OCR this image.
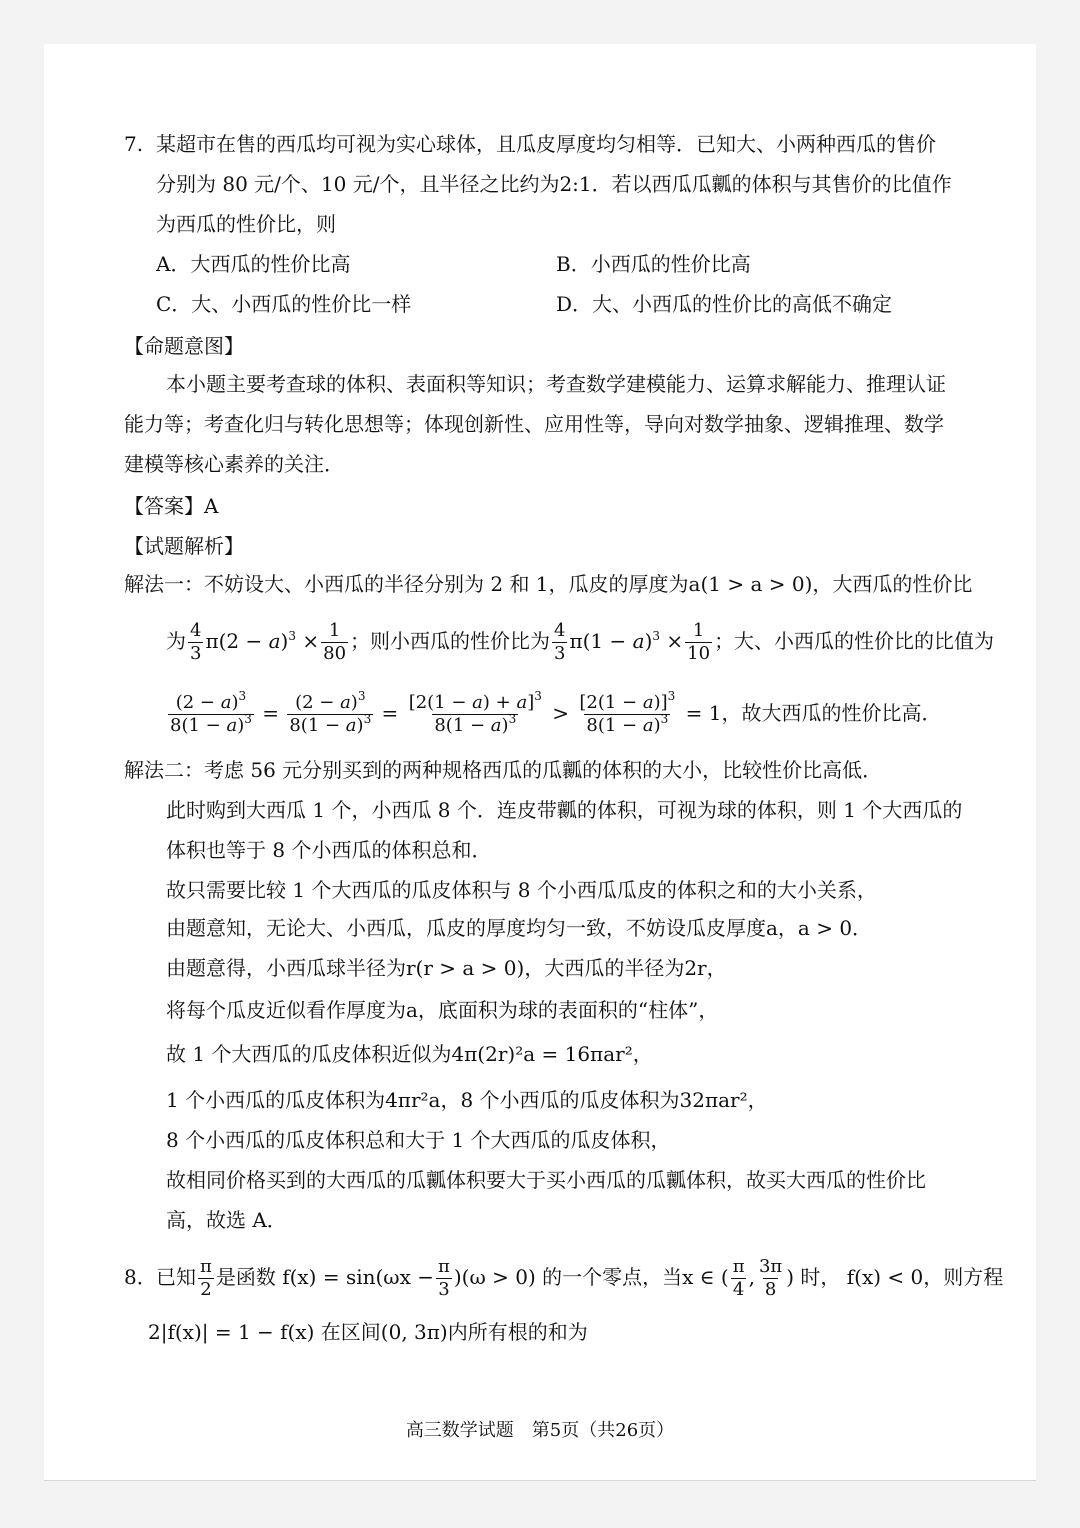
7. 某超市在售的西瓜均可视为实心球体，且瓜皮厚度均匀相等．已知大、小两种西瓜的售价
分别为 80 元/个、10 元/个，且半径之比约为2:1．若以西瓜瓜瓤的体积与其售价的比值作
为西瓜的性价比，则
A．大西瓜的性价比高	B．小西瓜的性价比高
C．大、小西瓜的性价比一样	D．大、小西瓜的性价比的高低不确定
【命题意图】
本小题主要考查球的体积、表面积等知识；考查数学建模能力、运算求解能力、推理认证
能力等；考查化归与转化思想等；体现创新性、应用性等，导向对数学抽象、逻辑推理、数学
建模等核心素养的关注．
【答案】A
【试题解析】
解法一：不妨设大、小西瓜的半径分别为 2 和 1，瓜皮的厚度为a(1 > a > 0)，大西瓜的性价比
为 $\frac{4}{3} \pi(2 - a)^3 \times \frac{1}{80}$ ；则小西瓜的性价比为 $\frac{4}{3} \pi(1 - a)^3 \times \frac{1}{10}$ ；大、小西瓜的性价比的比值为
$\frac{(2 - a)^3}{8(1 - a)^3} = \frac{(2 - a)^3}{8(1 - a)^3} = \frac{[2(1 - a) + a]^3}{8(1 - a)^3} > \frac{[2(1 - a)]^3}{8(1 - a)^3} = 1$，故大西瓜的性价比高．
解法二：考虑 56 元分别买到的两种规格西瓜的瓜瓤的体积的大小，比较性价比高低．
此时购到大西瓜 1 个，小西瓜 8 个．连皮带瓤的体积，可视为球的体积，则 1 个大西瓜的
体积也等于 8 个小西瓜的体积总和．
故只需要比较 1 个大西瓜的瓜皮体积与 8 个小西瓜瓜皮的体积之和的大小关系，
由题意知，无论大、小西瓜，瓜皮的厚度均匀一致，不妨设瓜皮厚度a，a > 0．
由题意得，小西瓜球半径为r(r > a > 0)，大西瓜的半径为2r，
将每个瓜皮近似看作厚度为a，底面积为球的表面积的“柱体”，
故 1 个大西瓜的瓜皮体积近似为4π(2r)²a = 16πar²，
1 个小西瓜的瓜皮体积为4πr²a，8 个小西瓜的瓜皮体积为32πar²，
8 个小西瓜的瓜皮体积总和大于 1 个大西瓜的瓜皮体积，
故相同价格买到的大西瓜的瓜瓤体积要大于买小西瓜的瓜瓤体积，故买大西瓜的性价比
高，故选 A．
8．已知 $\frac{\pi}{2}$ 是函数 $f(x) = \sin(\omega x - \frac{\pi}{3} )(\omega > 0)$ 的一个零点，当x ∈ ( $\frac{\pi}{4}$ , $\frac{3\pi}{8}$ ) 时， f(x) < 0，则方程
2|f(x)| = 1 − f(x) 在区间(0, 3π)内所有根的和为
高三数学试题　第5页（共26页）
